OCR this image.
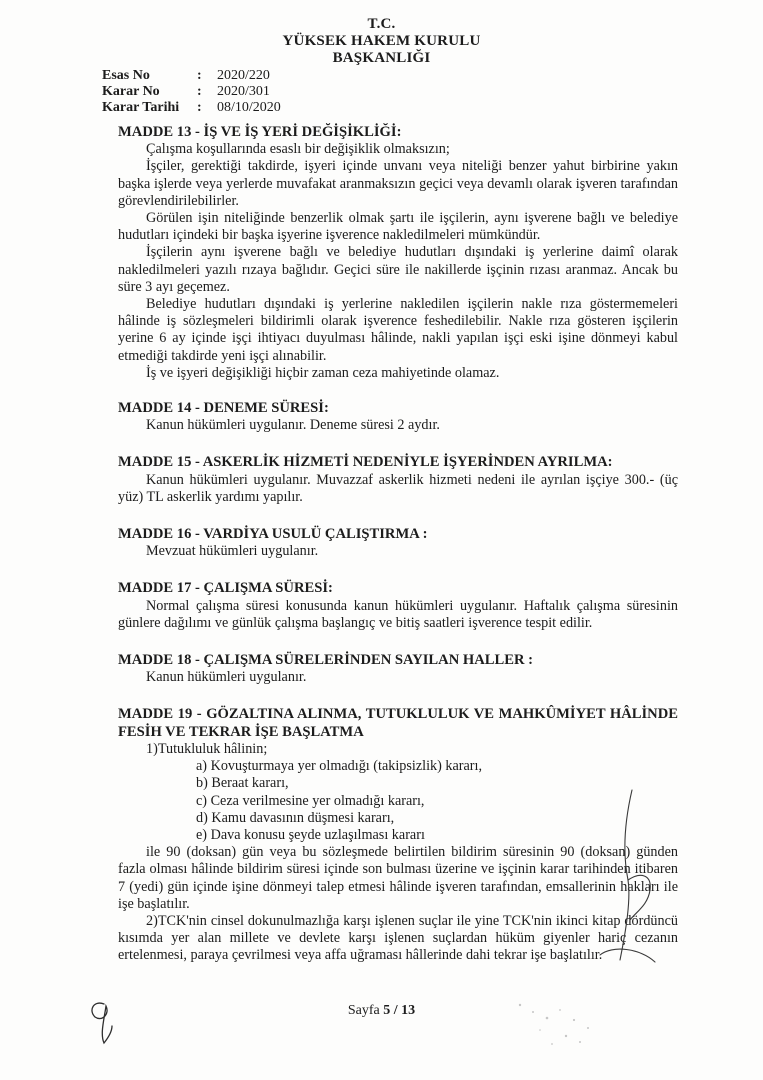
T.C.
YÜKSEK HAKEM KURULU
BAŞKANLIĞI
Esas No	: 2020/220
Karar No	: 2020/301
Karar Tarihi : 08/10/2020

MADDE 13 - İŞ VE İŞ YERİ DEĞİŞİKLİĞİ:

Çalışma koşullarında esaslı bir değişiklik olmaksızın;

İşçiler, gerektiği takdirde, işyeri içinde unvanı veya niteliği benzer yahut birbirine yakın başka işlerde veya yerlerde muvafakat aranmaksızın geçici veya devamlı olarak işveren tarafından görevlendirilebilirler.

Görülen işin niteliğinde benzerlik olmak şartı ile işçilerin, aynı işverene bağlı ve belediye hudutları içindeki bir başka işyerine işverence nakledilmeleri mümkündür.

İşçilerin aynı işverene bağlı ve belediye hudutları dışındaki iş yerlerine daimî olarak nakledilmeleri yazılı rızaya bağlıdır. Geçici süre ile nakillerde işçinin rızası aranmaz. Ancak bu süre 3 ayı geçemez.

Belediye hudutları dışındaki iş yerlerine nakledilen işçilerin nakle rıza göstermemeleri hâlinde iş sözleşmeleri bildirimli olarak işverence feshedilebilir. Nakle rıza gösteren işçilerin yerine 6 ay içinde işçi ihtiyacı duyulması hâlinde, nakli yapılan işçi eski işine dönmeyi kabul etmediği takdirde yeni işçi alınabilir.

İş ve işyeri değişikliği hiçbir zaman ceza mahiyetinde olamaz.

MADDE 14 - DENEME SÜRESİ:

Kanun hükümleri uygulanır. Deneme süresi 2 aydır.

MADDE 15 - ASKERLİK HİZMETİ NEDENİYLE İŞYERİNDEN AYRILMA:

Kanun hükümleri uygulanır. Muvazzaf askerlik hizmeti nedeni ile ayrılan işçiye 300.- (üç yüz) TL askerlik yardımı yapılır.

MADDE 16 - VARDİYA USULÜ ÇALIŞTIRMA :

Mevzuat hükümleri uygulanır.

MADDE 17 - ÇALIŞMA SÜRESİ:

Normal çalışma süresi konusunda kanun hükümleri uygulanır. Haftalık çalışma süresinin günlere dağılımı ve günlük çalışma başlangıç ve bitiş saatleri işverence tespit edilir.

MADDE 18 - ÇALIŞMA SÜRELERİNDEN SAYILAN HALLER :

Kanun hükümleri uygulanır.

MADDE 19 - GÖZALTINA ALINMA, TUTUKLULUK VE MAHKÛMİYET HÂLİNDE FESİH VE TEKRAR İŞE BAŞLATMA

1)Tutukluluk hâlinin;

a) Kovuşturmaya yer olmadığı (takipsizlik) kararı,

b) Beraat kararı,

c) Ceza verilmesine yer olmadığı kararı,

d) Kamu davasının düşmesi kararı,

e) Dava konusu şeyde uzlaşılması kararı

ile 90 (doksan) gün veya bu sözleşmede belirtilen bildirim süresinin 90 (doksan) günden fazla olması hâlinde bildirim süresi içinde son bulması üzerine ve işçinin karar tarihinden itibaren 7 (yedi) gün içinde işine dönmeyi talep etmesi hâlinde işveren tarafından, emsallerinin hakları ile işe başlatılır.

2)TCK'nin cinsel dokunulmazlığa karşı işlenen suçlar ile yine TCK'nin ikinci kitap dördüncü kısımda yer alan millete ve devlete karşı işlenen suçlardan hüküm giyenler hariç cezanın ertelenmesi, paraya çevrilmesi veya affa uğraması hâllerinde dahi tekrar işe başlatılır.

Sayfa 5 / 13
